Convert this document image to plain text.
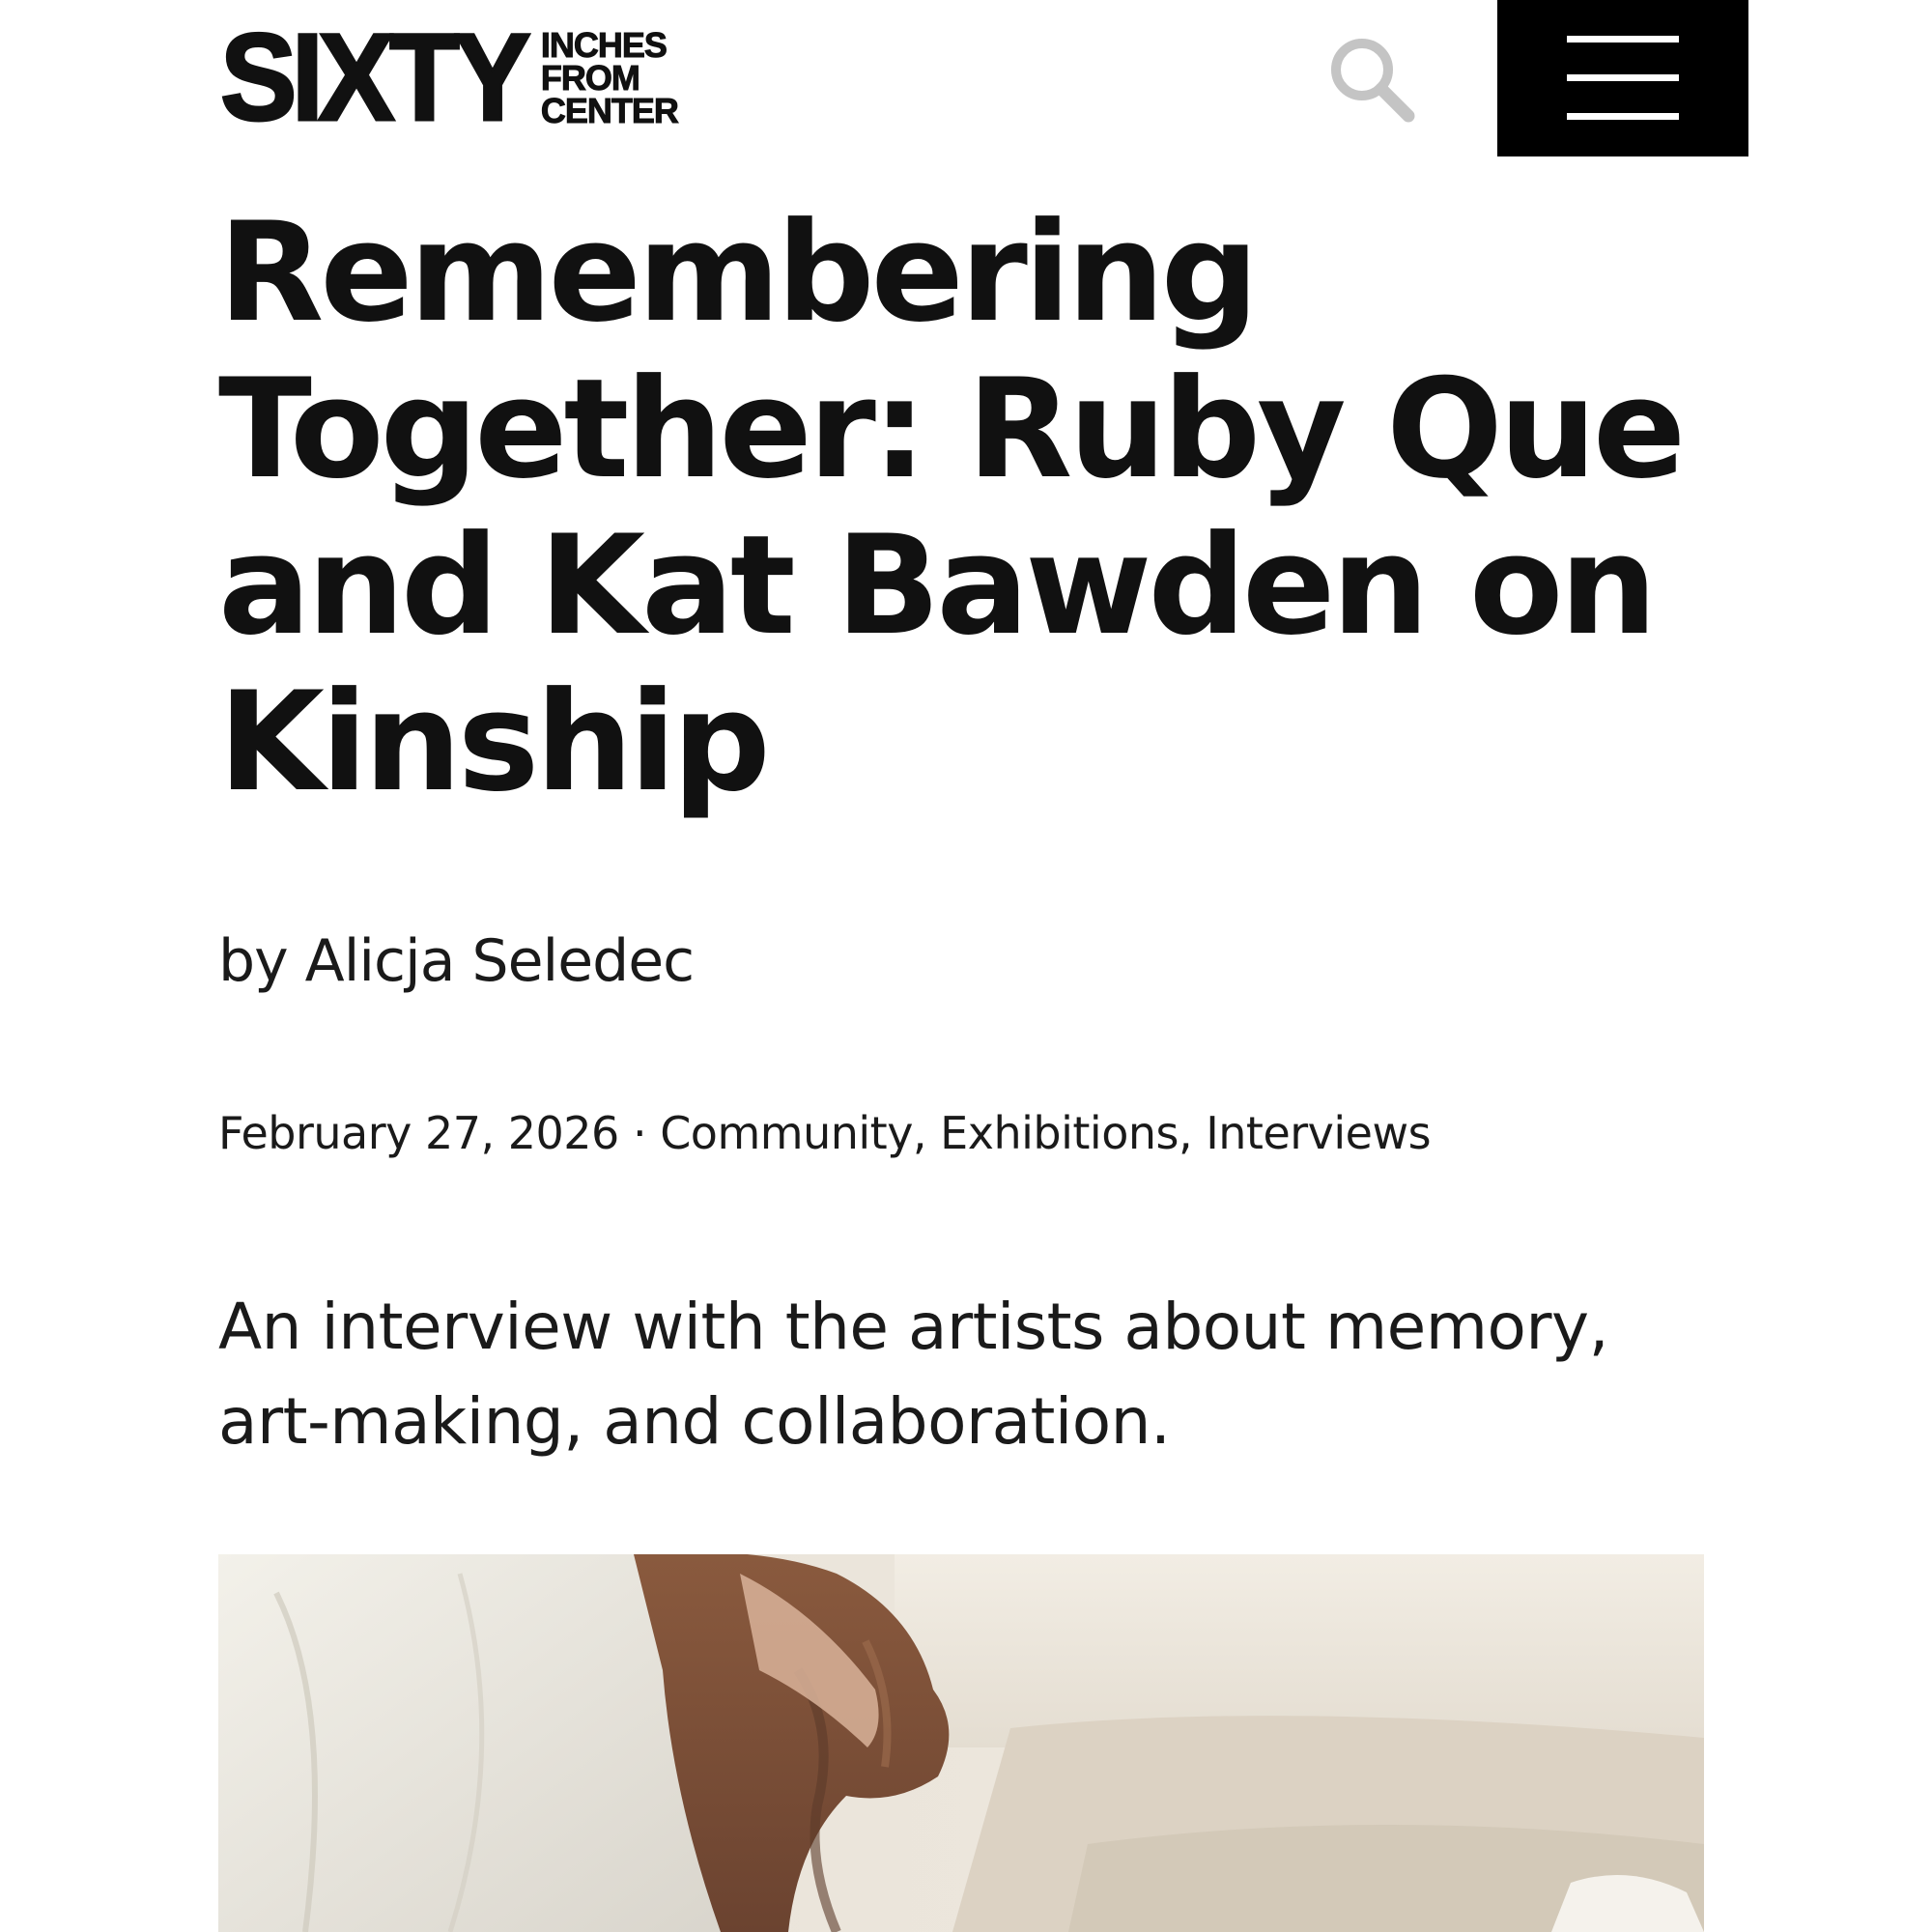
SIXTY INCHES
FROM
CENTER
Remembering Together: Ruby Que and Kat Bawden on Kinship
by Alicja Seledec
February 27, 2026 · Community, Exhibitions, Interviews

An interview with the artists about memory, art-making, and collaboration.
